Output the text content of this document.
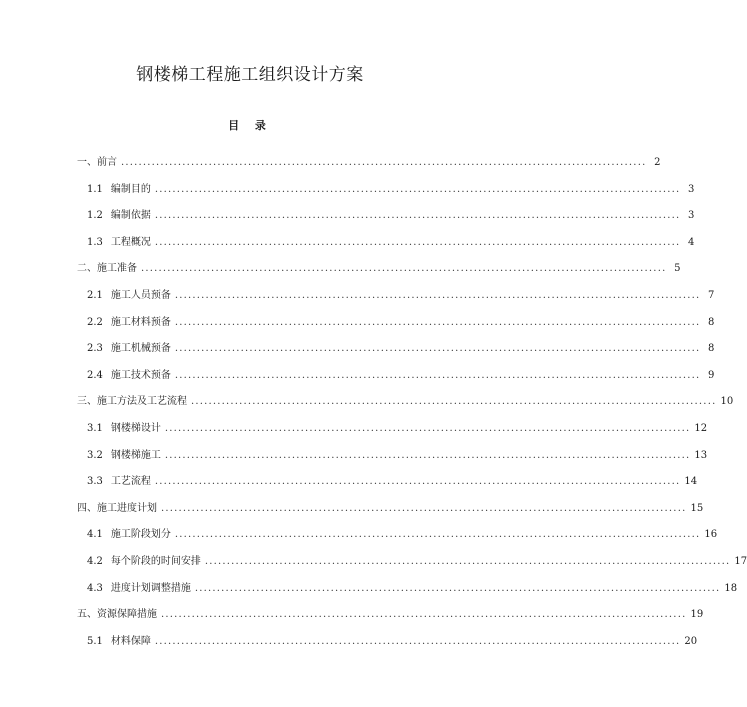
钢楼梯工程施工组织设计方案
目 录
一、前言 ........................................................................................................................ 2
1.1 编制目的 ........................................................................................................................ 3
1.2 编制依据 ........................................................................................................................ 3
1.3 工程概况 ........................................................................................................................ 4
二、施工准备 ........................................................................................................................ 5
2.1 施工人员预备 ........................................................................................................................ 7
2.2 施工材料预备 ........................................................................................................................ 8
2.3 施工机械预备 ........................................................................................................................ 8
2.4 施工技术预备 ........................................................................................................................ 9
三、施工方法及工艺流程 ........................................................................................................................ 10
3.1 钢楼梯设计 ........................................................................................................................ 12
3.2 钢楼梯施工 ........................................................................................................................ 13
3.3 工艺流程 ........................................................................................................................ 14
四、施工进度计划 ........................................................................................................................ 15
4.1 施工阶段划分 ........................................................................................................................ 16
4.2 每个阶段的时间安排 ........................................................................................................................ 17
4.3 进度计划调整措施 ........................................................................................................................ 18
五、资源保障措施 ........................................................................................................................ 19
5.1 材料保障 ........................................................................................................................ 20
